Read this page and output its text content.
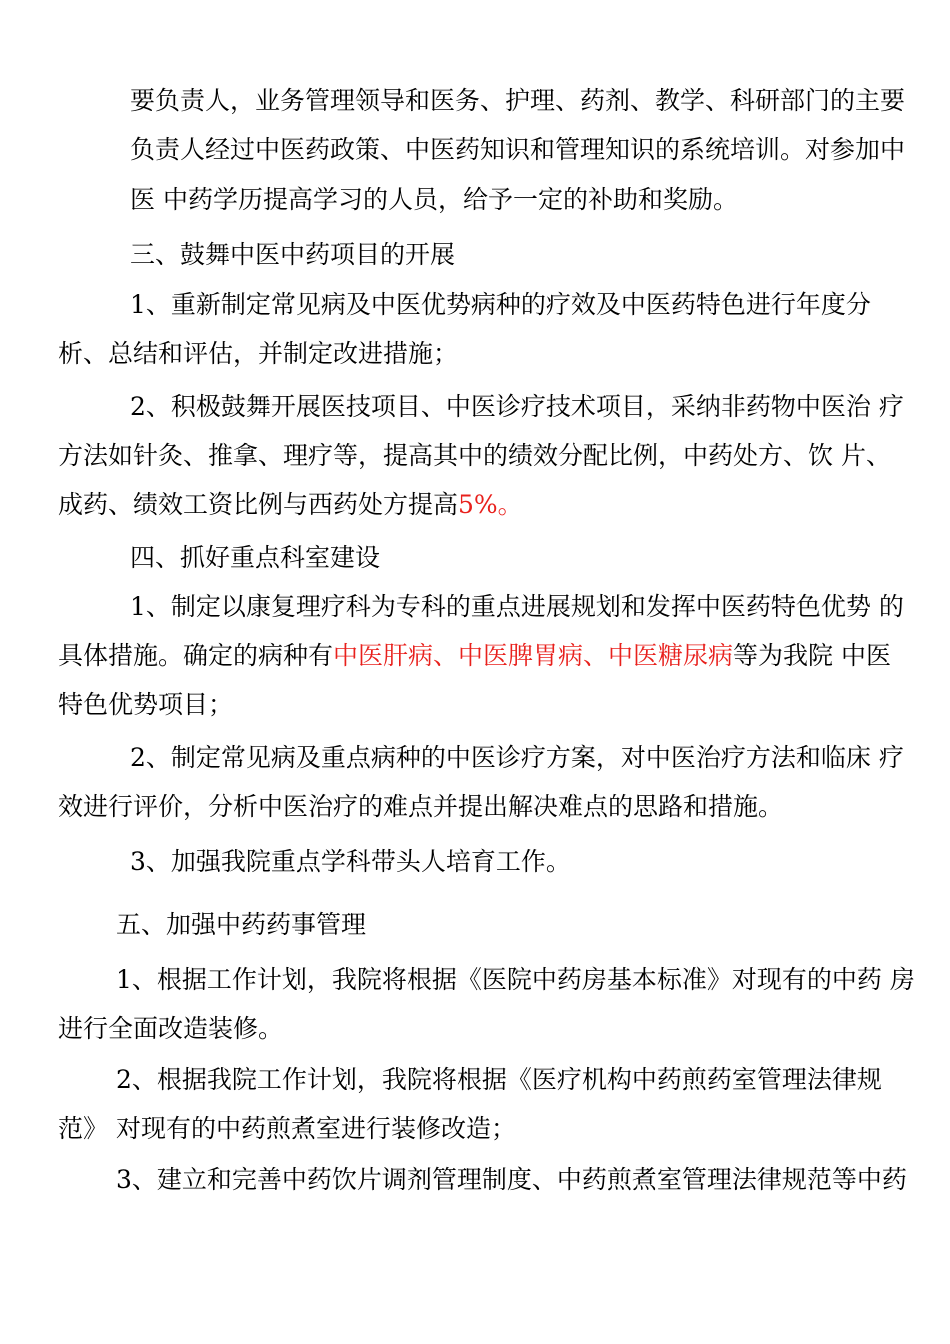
要负责人，业务管理领导和医务、护理、药剂、教学、科研部门的主要
负责人经过中医药政策、中医药知识和管理知识的系统培训。对参加中
医 中药学历提高学习的人员，给予一定的补助和奖励。
三、鼓舞中医中药项目的开展
1、重新制定常见病及中医优势病种的疗效及中医药特色进行年度分
析、总结和评估，并制定改进措施；
2、积极鼓舞开展医技项目、中医诊疗技术项目，采纳非药物中医治 疗
方法如针灸、推拿、理疗等，提高其中的绩效分配比例，中药处方、饮 片、
成药、绩效工资比例与西药处方提高5%。
四、抓好重点科室建设
1、制定以康复理疗科为专科的重点进展规划和发挥中医药特色优势 的
具体措施。确定的病种有中医肝病、中医脾胃病、中医糖尿病等为我院 中医
特色优势项目；
2、制定常见病及重点病种的中医诊疗方案，对中医治疗方法和临床 疗
效进行评价，分析中医治疗的难点并提出解决难点的思路和措施。
3、加强我院重点学科带头人培育工作。
五、加强中药药事管理
1、根据工作计划，我院将根据《医院中药房基本标准》对现有的中药 房
进行全面改造装修。
2、根据我院工作计划，我院将根据《医疗机构中药煎药室管理法律规
范》 对现有的中药煎煮室进行装修改造；
3、建立和完善中药饮片调剂管理制度、中药煎煮室管理法律规范等中药
